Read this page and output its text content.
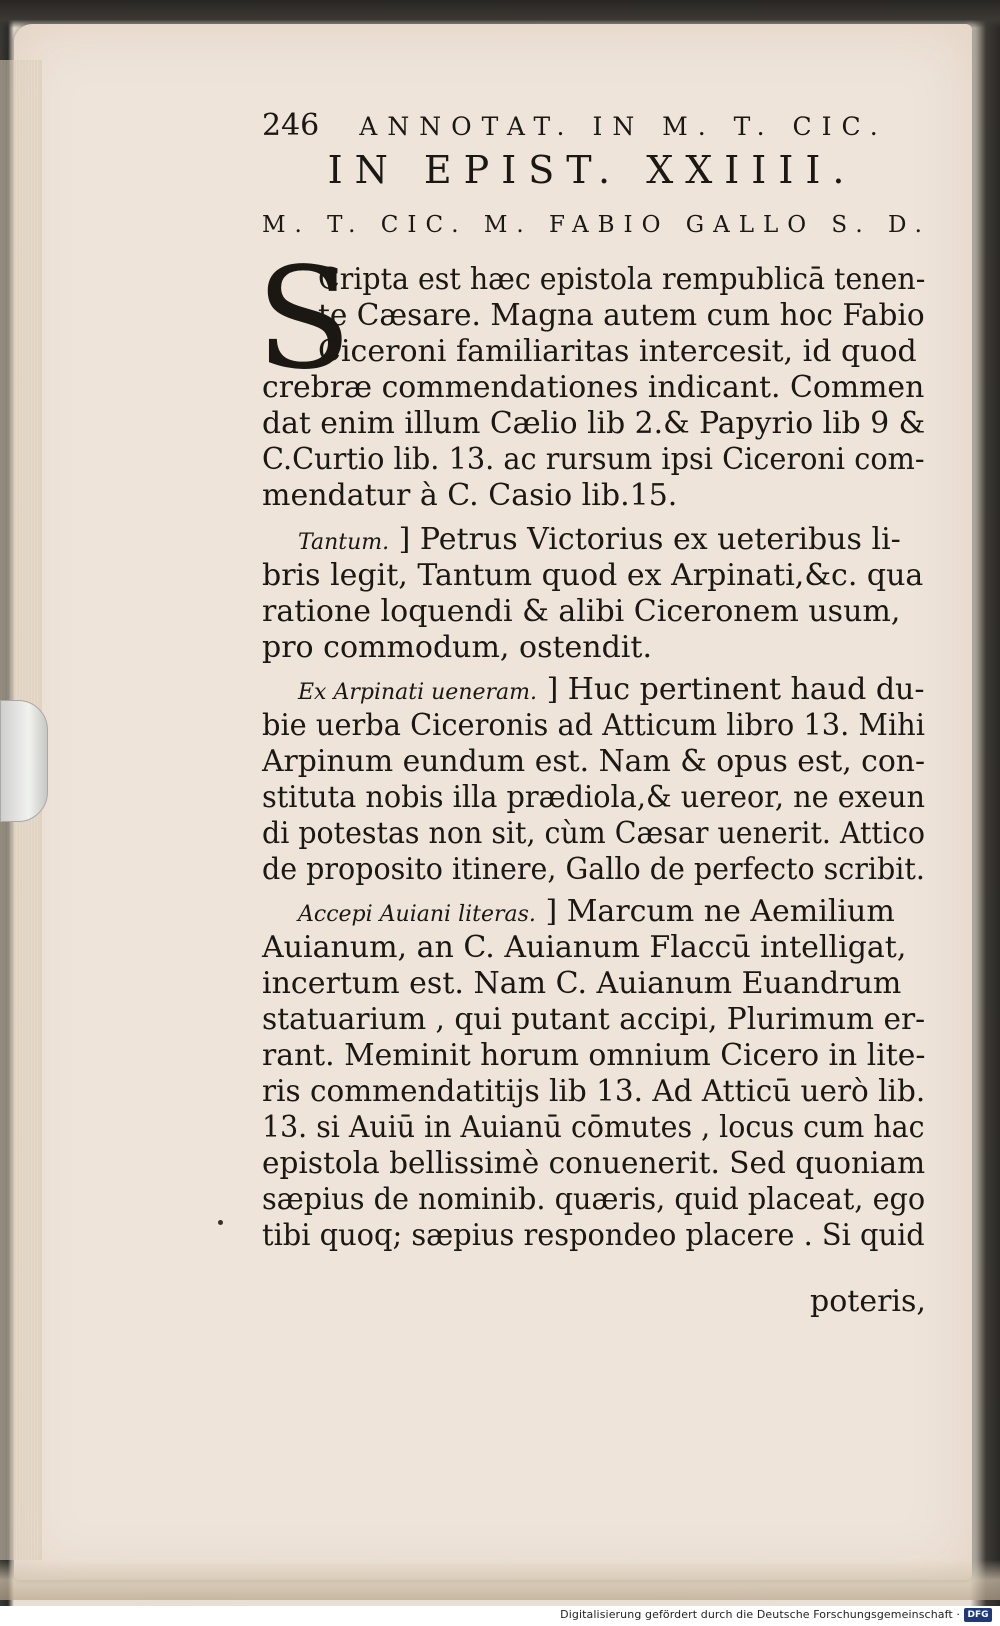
246 ANNOTAT. IN M. T. CIC.
IN EPIST. XXIIII.
M. T. CIC. M. FABIO GALLO S. D.
S
Cripta est hæc epistola rempublicā tenen-
te Cæsare. Magna autem cum hoc Fabio
Ciceroni familiaritas intercesit, id quod
crebræ commendationes indicant. Commen
dat enim illum Cælio lib 2.& Papyrio lib 9 &
C.Curtio lib. 13. ac rursum ipsi Ciceroni com-
mendatur à C. Casio lib.15.
Tantum. ] Petrus Victorius ex ueteribus li-
bris legit, Tantum quod ex Arpinati,&c. qua
ratione loquendi & alibi Ciceronem usum,
pro commodum, ostendit.
Ex Arpinati ueneram. ] Huc pertinent haud du-
bie uerba Ciceronis ad Atticum libro 13. Mihi
Arpinum eundum est. Nam & opus est, con-
stituta nobis illa prædiola,& uereor, ne exeun
di potestas non sit, cùm Cæsar uenerit. Attico
de proposito itinere, Gallo de perfecto scribit.
Accepi Auiani literas. ] Marcum ne Aemilium
Auianum, an C. Auianum Flaccū intelligat,
incertum est. Nam C. Auianum Euandrum
statuarium , qui putant accipi, Plurimum er-
rant. Meminit horum omnium Cicero in lite-
ris commendatitijs lib 13. Ad Atticū uerò lib.
13. si Auiū in Auianū cōmutes , locus cum hac
epistola bellissimè conuenerit. Sed quoniam
sæpius de nominib. quæris, quid placeat, ego
tibi quoq; sæpius respondeo placere . Si quid
poteris,
Digitalisierung gefördert durch die Deutsche Forschungsgemeinschaft · DFG
